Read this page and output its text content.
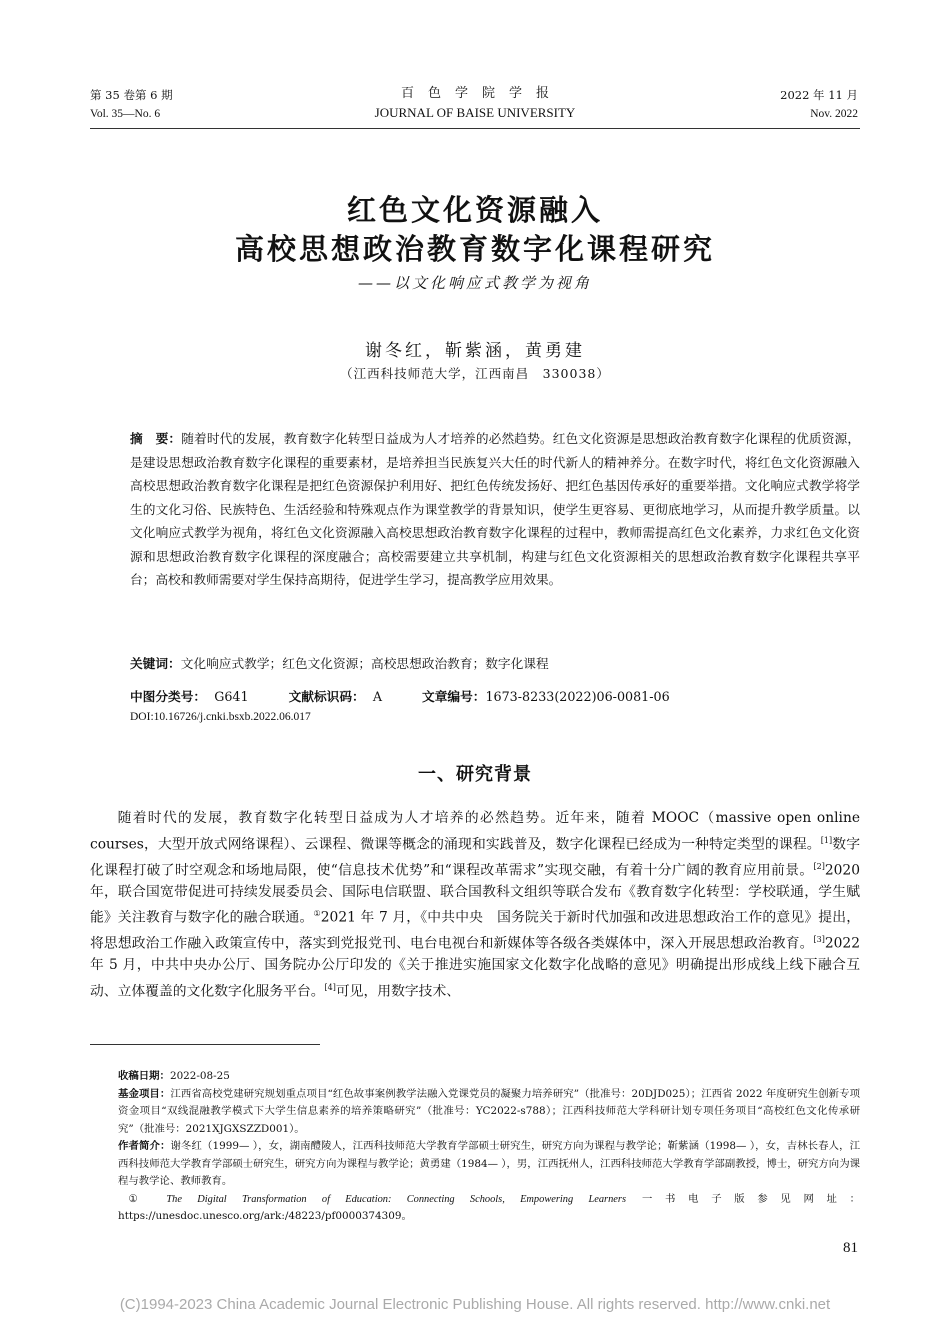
第 35 卷第 6 期
Vol. 35—No. 6
百色学院学报
JOURNAL OF BAISE UNIVERSITY
2022 年 11 月
Nov. 2022
红色文化资源融入
高校思想政治教育数字化课程研究
——以文化响应式教学为视角
谢冬红，靳紫涵，黄勇建
（江西科技师范大学，江西南昌　330038）
摘　要：随着时代的发展，教育数字化转型日益成为人才培养的必然趋势。红色文化资源是思想政治教育数字化课程的优质资源，是建设思想政治教育数字化课程的重要素材，是培养担当民族复兴大任的时代新人的精神养分。在数字时代，将红色文化资源融入高校思想政治教育数字化课程是把红色资源保护利用好、把红色传统发扬好、把红色基因传承好的重要举措。文化响应式教学将学生的文化习俗、民族特色、生活经验和特殊观点作为课堂教学的背景知识，使学生更容易、更彻底地学习，从而提升教学质量。以文化响应式教学为视角，将红色文化资源融入高校思想政治教育数字化课程的过程中，教师需提高红色文化素养，力求红色文化资源和思想政治教育数字化课程的深度融合；高校需要建立共享机制，构建与红色文化资源相关的思想政治教育数字化课程共享平台；高校和教师需要对学生保持高期待，促进学生学习，提高教学应用效果。
关键词：文化响应式教学；红色文化资源；高校思想政治教育；数字化课程
中图分类号： G641	文献标识码： A	文章编号：1673-8233(2022)06-0081-06
DOI:10.16726/j.cnki.bsxb.2022.06.017
一、研究背景
随着时代的发展，教育数字化转型日益成为人才培养的必然趋势。近年来，随着 MOOC（massive open online courses，大型开放式网络课程）、云课程、微课等概念的涌现和实践普及，数字化课程已经成为一种特定类型的课程。[1]数字化课程打破了时空观念和场地局限，使“信息技术优势”和“课程改革需求”实现交融，有着十分广阔的教育应用前景。[2]2020 年，联合国宽带促进可持续发展委员会、国际电信联盟、联合国教科文组织等联合发布《教育数字化转型：学校联通，学生赋能》关注教育与数字化的融合联通。①2021 年 7 月，《中共中央　国务院关于新时代加强和改进思想政治工作的意见》提出，将思想政治工作融入政策宣传中，落实到党报党刊、电台电视台和新媒体等各级各类媒体中，深入开展思想政治教育。[3]2022 年 5 月，中共中央办公厅、国务院办公厅印发的《关于推进实施国家文化数字化战略的意见》明确提出形成线上线下融合互动、立体覆盖的文化数字化服务平台。[4]可见，用数字技术、

收稿日期：2022-08-25

基金项目：江西省高校党建研究规划重点项目“红色故事案例教学法融入党课党员的凝聚力培养研究”（批准号：20DJD025）；江西省 2022 年度研究生创新专项资金项目“双线混融教学模式下大学生信息素养的培养策略研究”（批准号：YC2022-s788）；江西科技师范大学科研计划专项任务项目“高校红色文化传承研究”（批准号：2021XJGXSZZD001）。

作者简介：谢冬红（1999— ），女，湖南醴陵人，江西科技师范大学教育学部硕士研究生，研究方向为课程与教学论；靳紫涵（1998— ），女，吉林长春人，江西科技师范大学教育学部硕士研究生，研究方向为课程与教学论；黄勇建（1984— ），男，江西抚州人，江西科技师范大学教育学部副教授，博士，研究方向为课程与教学论、教师教育。

① The Digital Transformation of Education: Connecting Schools, Empowering Learners 一书电子版参见网址：https://unesdoc.unesco.org/ark:/48223/pf0000374309。

81
(C)1994-2023 China Academic Journal Electronic Publishing House. All rights reserved. http://www.cnki.net
